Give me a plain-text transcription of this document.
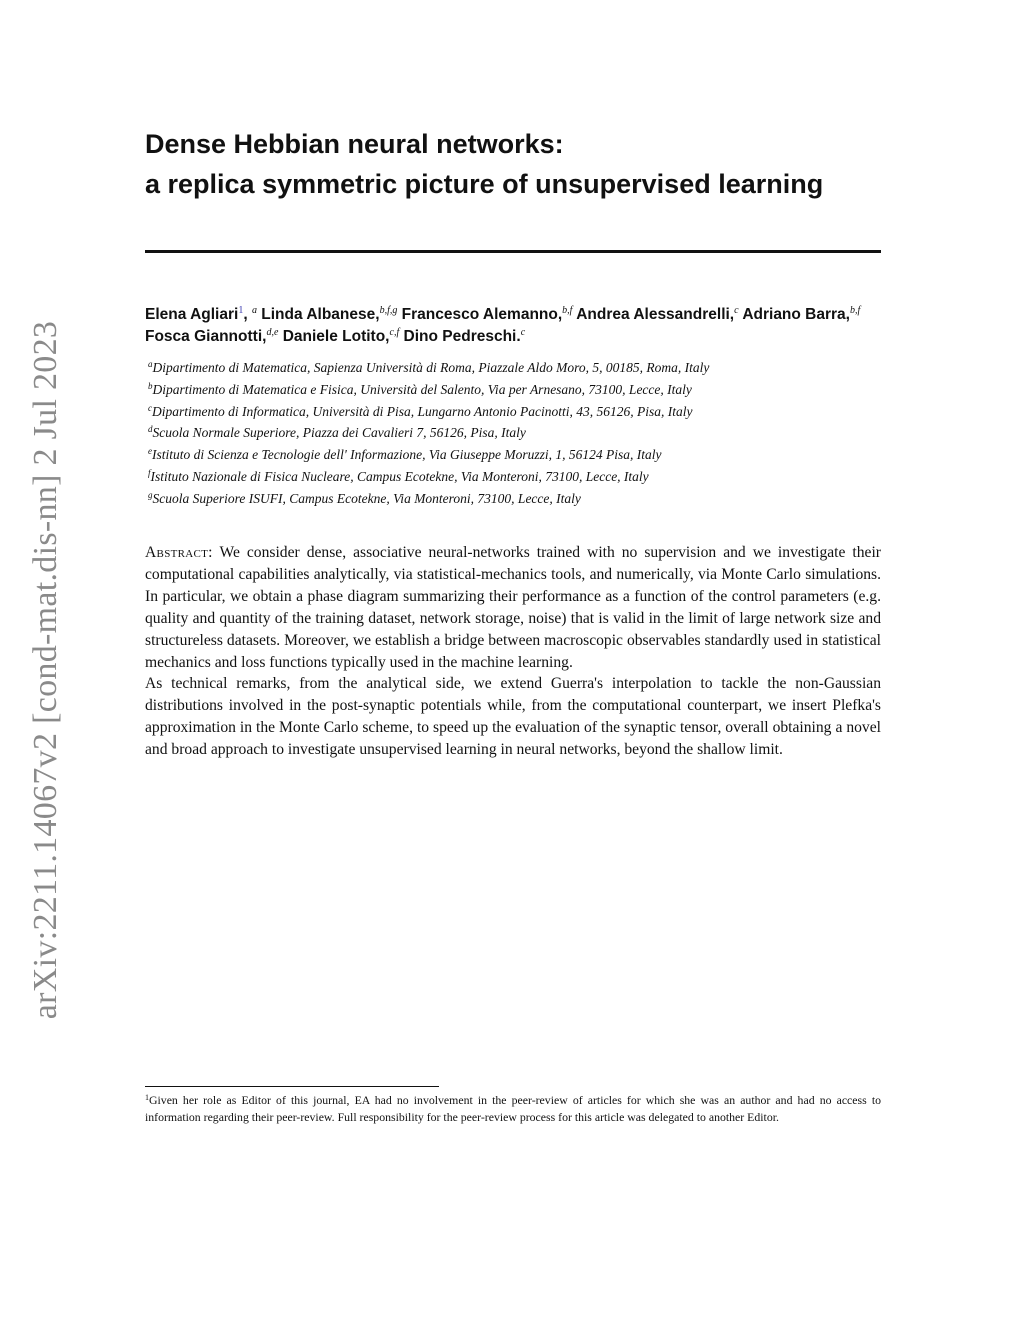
arXiv:2211.14067v2 [cond-mat.dis-nn] 2 Jul 2023
Dense Hebbian neural networks:
a replica symmetric picture of unsupervised learning
Elena Agliari$^1$, $^a$ Linda Albanese,$^{b,f,g}$ Francesco Alemanno,$^{b,f}$ Andrea Alessandrelli,$^c$ Adriano Barra,$^{b,f}$ Fosca Giannotti,$^{d,e}$ Daniele Lotito,$^{c,f}$ Dino Pedreschi.$^c$
$^a$Dipartimento di Matematica, Sapienza Università di Roma, Piazzale Aldo Moro, 5, 00185, Roma, Italy
$^b$Dipartimento di Matematica e Fisica, Università del Salento, Via per Arnesano, 73100, Lecce, Italy
$^c$Dipartimento di Informatica, Università di Pisa, Lungarno Antonio Pacinotti, 43, 56126, Pisa, Italy
$^d$Scuola Normale Superiore, Piazza dei Cavalieri 7, 56126, Pisa, Italy
$^e$Istituto di Scienza e Tecnologie dell' Informazione, Via Giuseppe Moruzzi, 1, 56124 Pisa, Italy
$^f$Istituto Nazionale di Fisica Nucleare, Campus Ecotekne, Via Monteroni, 73100, Lecce, Italy
$^g$Scuola Superiore ISUFI, Campus Ecotekne, Via Monteroni, 73100, Lecce, Italy

Abstract: We consider dense, associative neural-networks trained with no supervision and we investigate their computational capabilities analytically, via statistical-mechanics tools, and numerically, via Monte Carlo simulations. In particular, we obtain a phase diagram summarizing their performance as a function of the control parameters (e.g. quality and quantity of the training dataset, network storage, noise) that is valid in the limit of large network size and structureless datasets. Moreover, we establish a bridge between macroscopic observables standardly used in statistical mechanics and loss functions typically used in the machine learning.

As technical remarks, from the analytical side, we extend Guerra's interpolation to tackle the non-Gaussian distributions involved in the post-synaptic potentials while, from the computational counterpart, we insert Plefka's approximation in the Monte Carlo scheme, to speed up the evaluation of the synaptic tensor, overall obtaining a novel and broad approach to investigate unsupervised learning in neural networks, beyond the shallow limit.

$^1$Given her role as Editor of this journal, EA had no involvement in the peer-review of articles for which she was an author and had no access to information regarding their peer-review. Full responsibility for the peer-review process for this article was delegated to another Editor.
